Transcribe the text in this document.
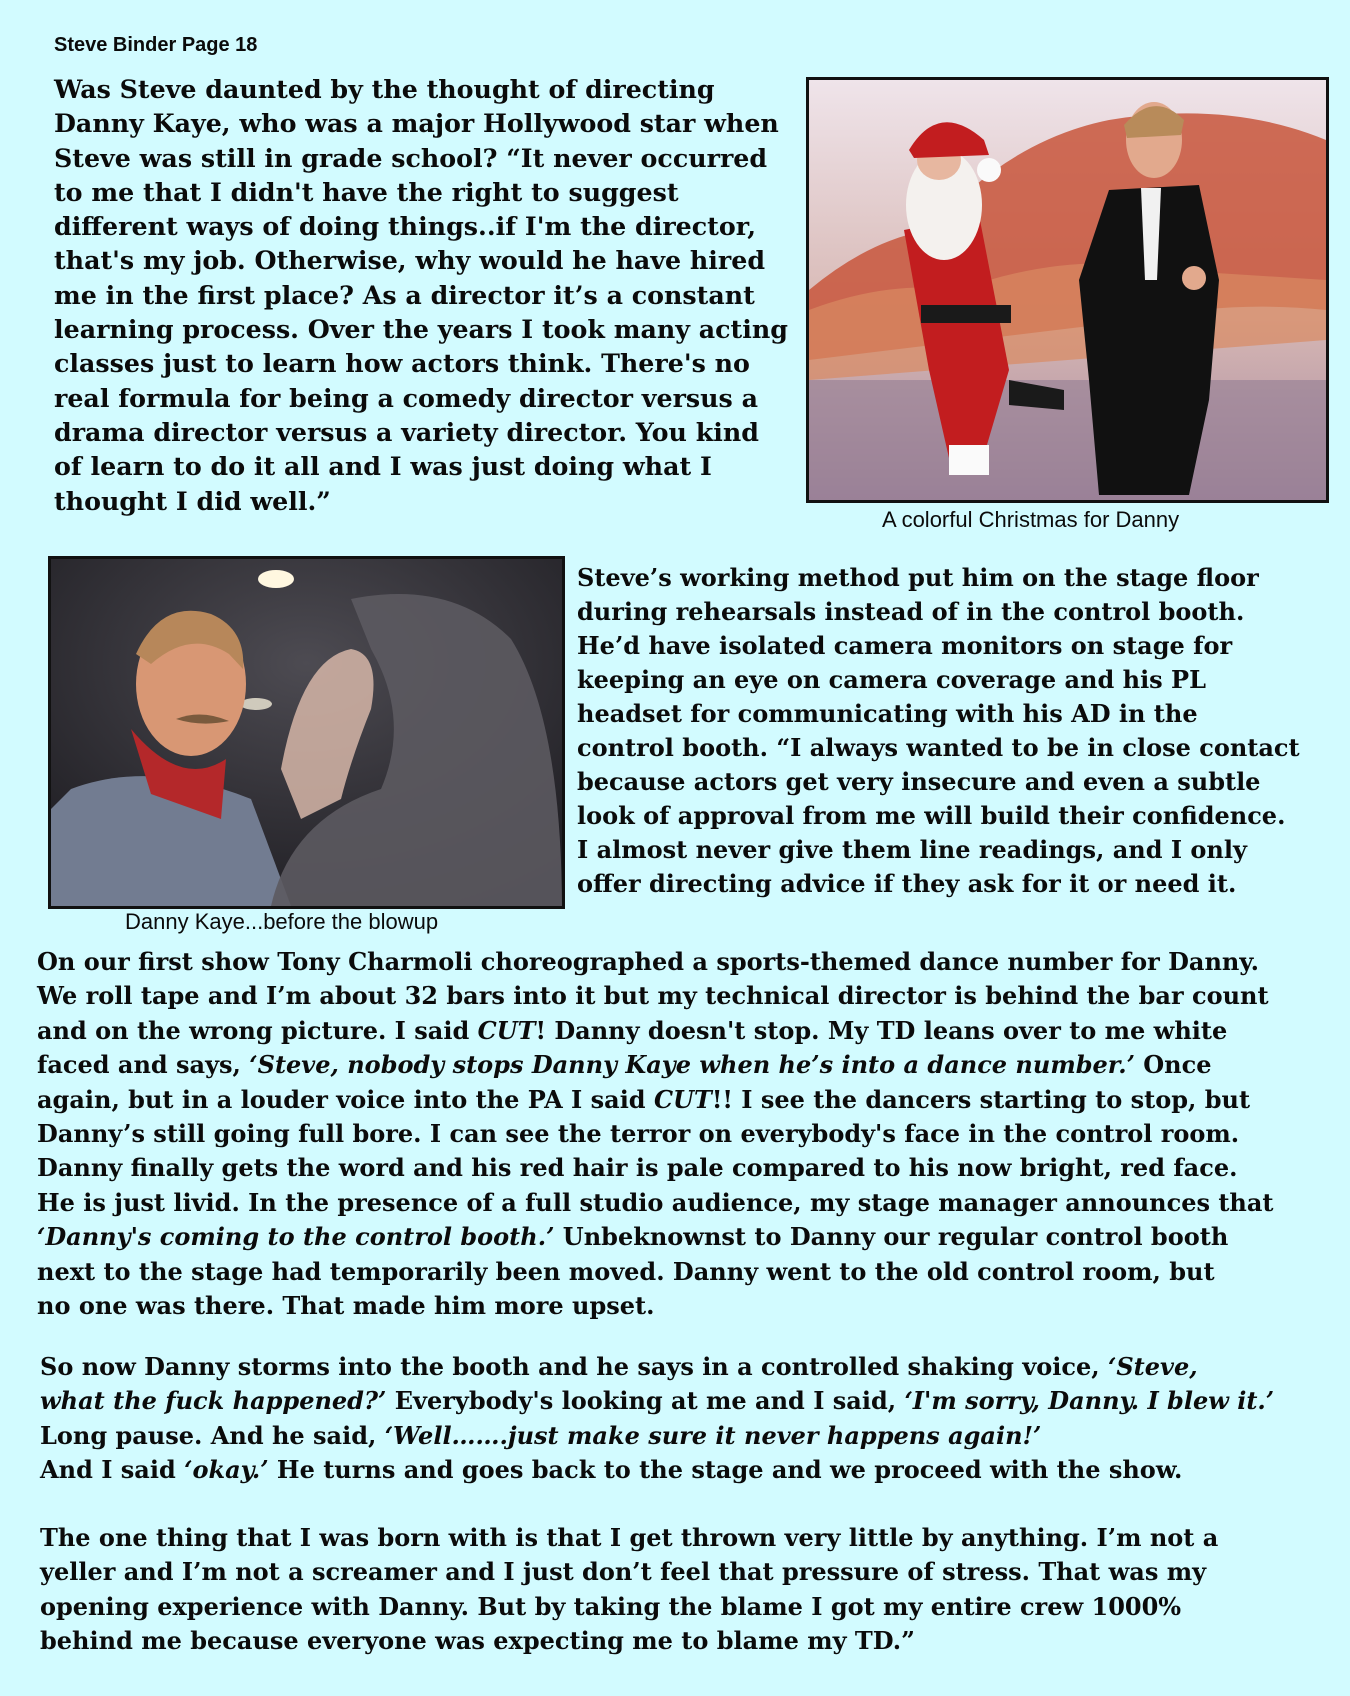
Steve Binder Page 18
Was Steve daunted by the thought of directing
Danny Kaye, who was a major Hollywood star when
Steve was still in grade school? “It never occurred
to me that I didn't have the right to suggest
different ways of doing things..if I'm the director,
that's my job. Otherwise, why would he have hired
me in the first place? As a director it’s a constant
learning process. Over the years I took many acting
classes just to learn how actors think. There's no
real formula for being a comedy director versus a
drama director versus a variety director. You kind
of learn to do it all and I was just doing what I
thought I did well.”
A colorful Christmas for Danny
Danny Kaye...before the blowup
Steve’s working method put him on the stage floor
during rehearsals instead of in the control booth.
He’d have isolated camera monitors on stage for
keeping an eye on camera coverage and his PL
headset for communicating with his AD in the
control booth. “I always wanted to be in close contact
because actors get very insecure and even a subtle
look of approval from me will build their confidence.
I almost never give them line readings, and I only
offer directing advice if they ask for it or need it.
On our first show Tony Charmoli choreographed a sports-themed dance number for Danny.
We roll tape and I’m about 32 bars into it but my technical director is behind the bar count
and on the wrong picture. I said CUT! Danny doesn't stop. My TD leans over to me white
faced and says, ‘Steve, nobody stops Danny Kaye when he’s into a dance number.’ Once
again, but in a louder voice into the PA I said CUT!! I see the dancers starting to stop, but
Danny’s still going full bore. I can see the terror on everybody's face in the control room.
Danny finally gets the word and his red hair is pale compared to his now bright, red face.
He is just livid. In the presence of a full studio audience, my stage manager announces that
‘Danny's coming to the control booth.’ Unbeknownst to Danny our regular control booth
next to the stage had temporarily been moved. Danny went to the old control room, but
no one was there. That made him more upset.
So now Danny storms into the booth and he says in a controlled shaking voice, ‘Steve,
what the fuck happened?’ Everybody's looking at me and I said, ‘I'm sorry, Danny. I blew it.’
Long pause. And he said, ‘Well…….just make sure it never happens again!’
And I said ‘okay.’ He turns and goes back to the stage and we proceed with the show.
The one thing that I was born with is that I get thrown very little by anything. I’m not a
yeller and I’m not a screamer and I just don’t feel that pressure of stress. That was my
opening experience with Danny. But by taking the blame I got my entire crew 1000%
behind me because everyone was expecting me to blame my TD.”
